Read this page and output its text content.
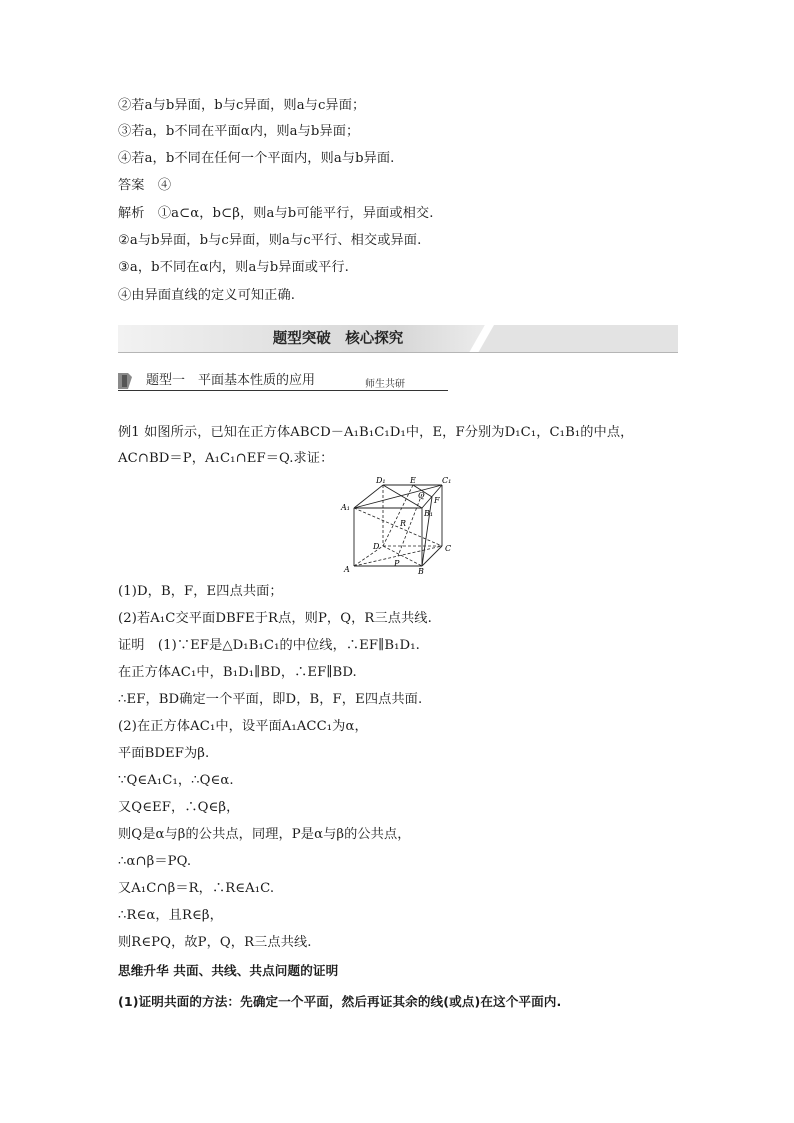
②若a与b异面，b与c异面，则a与c异面；
③若a，b不同在平面α内，则a与b异面；
④若a，b不同在任何一个平面内，则a与b异面.
答案　④
解析　①a⊂α，b⊂β，则a与b可能平行，异面或相交.
②a与b异面，b与c异面，则a与c平行、相交或异面.
③a，b不同在α内，则a与b异面或平行.
④由异面直线的定义可知正确.
题型突破　核心探究
题型一　平面基本性质的应用	师生共研
例1 如图所示，已知在正方体ABCD－A₁B₁C₁D₁中，E，F分别为D₁C₁，C₁B₁的中点，AC∩BD＝P，A₁C₁∩EF＝Q.求证：
D₁	E	C₁
A₁
Q
F
B₁
R
D	C
A
P
B
(1)D，B，F，E四点共面；
(2)若A₁C交平面DBFE于R点，则P，Q，R三点共线.
证明　(1)∵EF是△D₁B₁C₁的中位线，∴EF∥B₁D₁.
在正方体AC₁中，B₁D₁∥BD，∴EF∥BD.
∴EF，BD确定一个平面，即D，B，F，E四点共面.
(2)在正方体AC₁中，设平面A₁ACC₁为α，
平面BDEF为β.
∵Q∈A₁C₁，∴Q∈α.
又Q∈EF，∴Q∈β，
则Q是α与β的公共点，同理，P是α与β的公共点，
∴α∩β＝PQ.
又A₁C∩β＝R，∴R∈A₁C.
∴R∈α，且R∈β，
则R∈PQ，故P，Q，R三点共线.
思维升华 共面、共线、共点问题的证明
(1)证明共面的方法：先确定一个平面，然后再证其余的线(或点)在这个平面内.
